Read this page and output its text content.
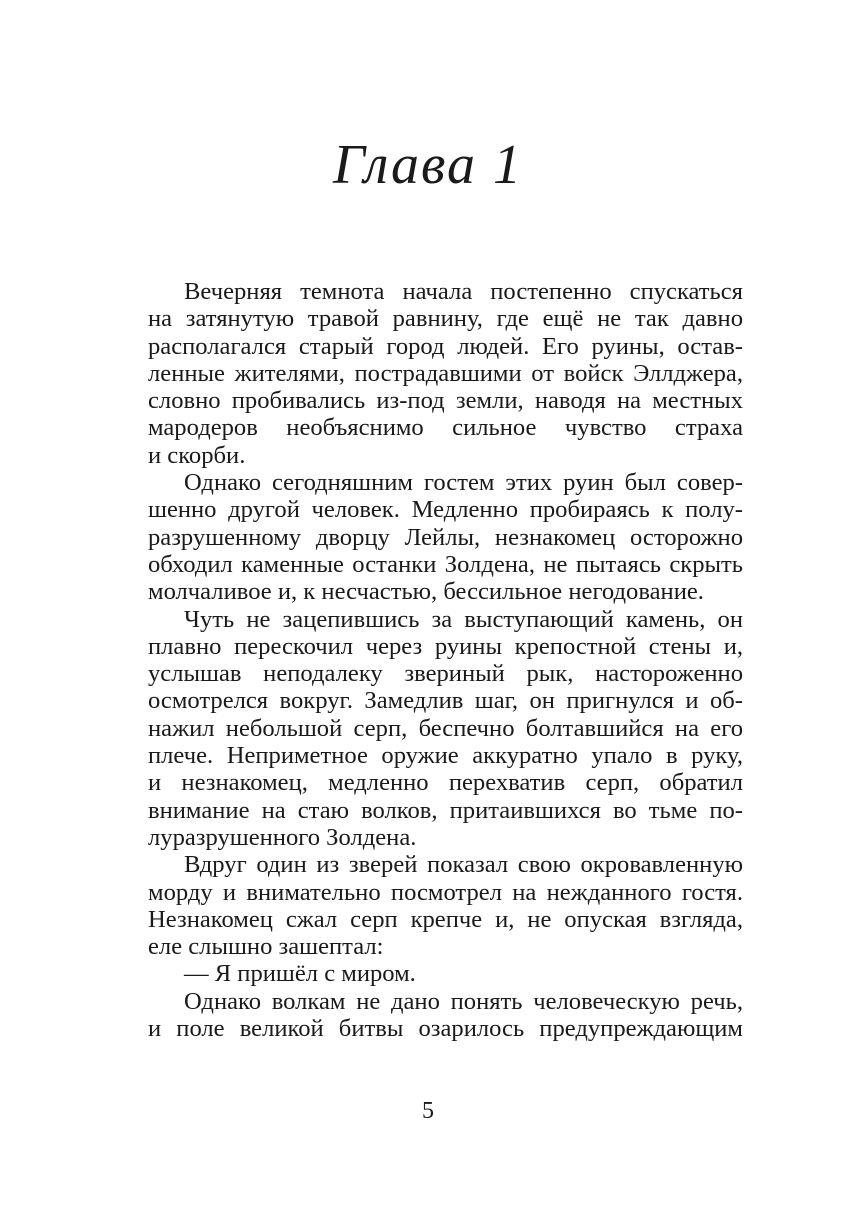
Глава 1
Вечерняя темнота начала постепенно спускаться
на затянутую травой равнину, где ещё не так давно
располагался старый город людей. Его руины, остав-
ленные жителями, пострадавшими от войск Эллджера,
словно пробивались из-под земли, наводя на местных
мародеров необъяснимо сильное чувство страха
и скорби.
Однако сегодняшним гостем этих руин был совер-
шенно другой человек. Медленно пробираясь к полу-
разрушенному дворцу Лейлы, незнакомец осторожно
обходил каменные останки Золдена, не пытаясь скрыть
молчаливое и, к несчастью, бессильное негодование.
Чуть не зацепившись за выступающий камень, он
плавно перескочил через руины крепостной стены и,
услышав неподалеку звериный рык, настороженно
осмотрелся вокруг. Замедлив шаг, он пригнулся и об-
нажил небольшой серп, беспечно болтавшийся на его
плече. Неприметное оружие аккуратно упало в руку,
и незнакомец, медленно перехватив серп, обратил
внимание на стаю волков, притаившихся во тьме по-
луразрушенного Золдена.
Вдруг один из зверей показал свою окровавленную
морду и внимательно посмотрел на нежданного гостя.
Незнакомец сжал серп крепче и, не опуская взгляда,
еле слышно зашептал:
— Я пришёл с миром.
Однако волкам не дано понять человеческую речь,
и поле великой битвы озарилось предупреждающим
5
